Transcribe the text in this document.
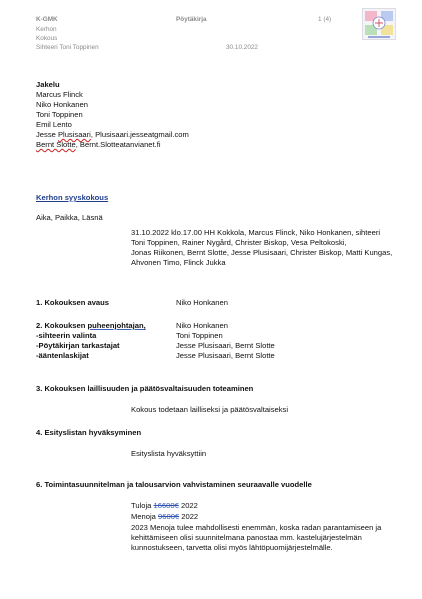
K-GMK	Pöytäkirja	1 (4)
Kerhon
Kokous
Sihteeri Toni Toppinen	30.10.2022
Jakelu
Marcus Flinck
Niko Honkanen
Toni Toppinen
Emil Lento
Jesse Plusisaari, Plusisaari.jesseatgmail.com
Bernt Slotte, Bernt.Slotteatanvianet.fi
Kerhon syyskokous
Aika, Paikka, Läsnä
31.10.2022 klo.17.00 HH Kokkola, Marcus Flinck, Niko Honkanen, sihteeri
Toni Toppinen, Rainer Nygård, Christer Biskop, Vesa Peltokoski,
Jonas Riikonen, Bernt Slotte, Jesse Plusisaari, Christer Biskop, Matti Kungas,
Ahvonen Timo, Flinck Jukka
1. Kokouksen avaus	Niko Honkanen
2. Kokouksen puheenjohtajan,	Niko Honkanen
-sihteerin valinta	Toni Toppinen
-Pöytäkirjan tarkastajat	Jesse Plusisaari, Bernt Slotte
-ääntenlaskijat	Jesse Plusisaari, Bernt Slotte
3. Kokouksen laillisuuden ja päätösvaltaisuuden toteaminen
Kokous todetaan lailliseksi ja päätösvaltaiseksi
4. Esityslistan hyväksyminen
Esityslista hyväksyttiin
6. Toimintasuunnitelman ja talousarvion vahvistaminen seuraavalle vuodelle
Tuloja 16600€ 2022
Menoja 9600€ 2022
2023 Menoja tulee mahdollisesti enemmän, koska radan parantamiseen ja
kehittämiseen olisi suunnitelmana panostaa mm. kastelujärjestelmän
kunnostukseen, tarvetta olisi myös lähtöpuomijärjestelmälle.
